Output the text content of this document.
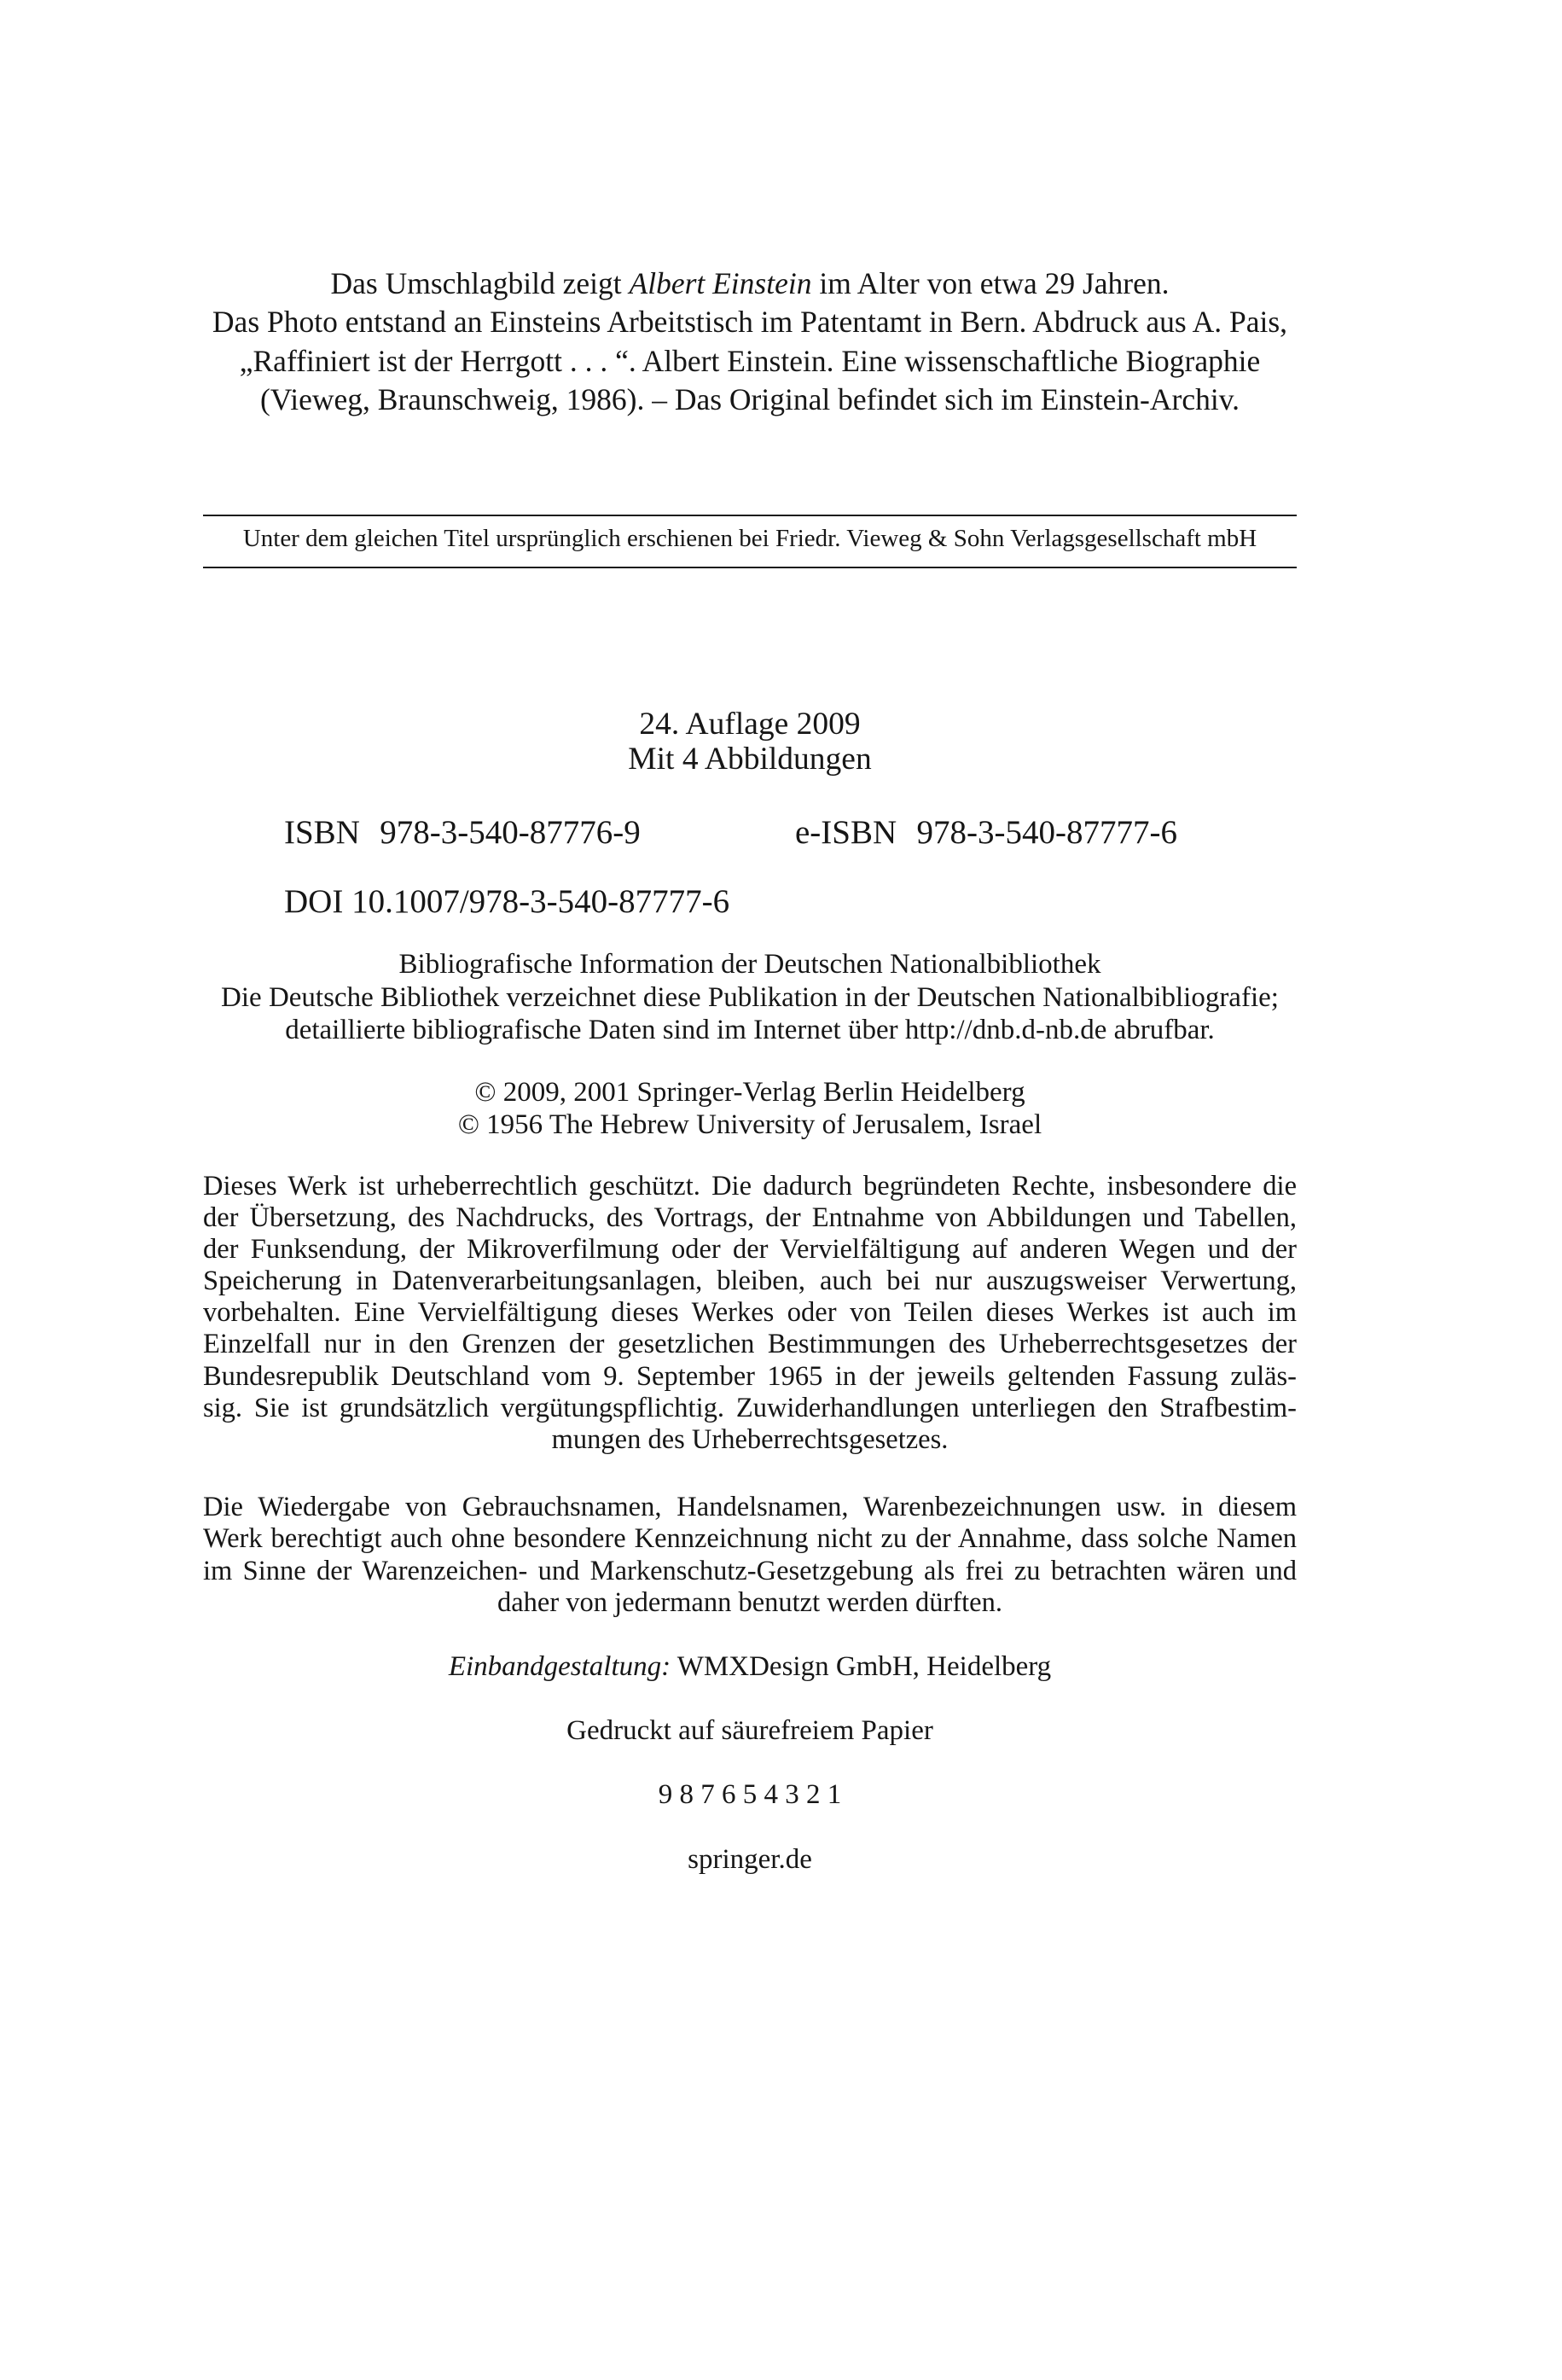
Das Umschlagbild zeigt Albert Einstein im Alter von etwa 29 Jahren.
Das Photo entstand an Einsteins Arbeitstisch im Patentamt in Bern. Abdruck aus A. Pais,
„Raffiniert ist der Herrgott . . . “. Albert Einstein. Eine wissenschaftliche Biographie
(Vieweg, Braunschweig, 1986). – Das Original befindet sich im Einstein-Archiv.
Unter dem gleichen Titel ursprünglich erschienen bei Friedr. Vieweg & Sohn Verlagsgesellschaft mbH
24. Auflage 2009
Mit 4 Abbildungen
ISBN 978-3-540-87776-9	e-ISBN 978-3-540-87777-6
DOI 10.1007/978-3-540-87777-6
Bibliografische Information der Deutschen Nationalbibliothek
Die Deutsche Bibliothek verzeichnet diese Publikation in der Deutschen Nationalbibliografie;
detaillierte bibliografische Daten sind im Internet über http://dnb.d-nb.de abrufbar.
© 2009, 2001 Springer-Verlag Berlin Heidelberg
© 1956 The Hebrew University of Jerusalem, Israel
Dieses Werk ist urheberrechtlich geschützt. Die dadurch begründeten Rechte, insbesondere die
der Übersetzung, des Nachdrucks, des Vortrags, der Entnahme von Abbildungen und Tabellen,
der Funksendung, der Mikroverfilmung oder der Vervielfältigung auf anderen Wegen und der
Speicherung in Datenverarbeitungsanlagen, bleiben, auch bei nur auszugsweiser Verwertung,
vorbehalten. Eine Vervielfältigung dieses Werkes oder von Teilen dieses Werkes ist auch im
Einzelfall nur in den Grenzen der gesetzlichen Bestimmungen des Urheberrechtsgesetzes der
Bundesrepublik Deutschland vom 9. September 1965 in der jeweils geltenden Fassung zuläs-
sig. Sie ist grundsätzlich vergütungspflichtig. Zuwiderhandlungen unterliegen den Strafbestim-
mungen des Urheberrechtsgesetzes.
Die Wiedergabe von Gebrauchsnamen, Handelsnamen, Warenbezeichnungen usw. in diesem
Werk berechtigt auch ohne besondere Kennzeichnung nicht zu der Annahme, dass solche Namen
im Sinne der Warenzeichen- und Markenschutz-Gesetzgebung als frei zu betrachten wären und
daher von jedermann benutzt werden dürften.
Einbandgestaltung: WMXDesign GmbH, Heidelberg
Gedruckt auf säurefreiem Papier
9 8 7 6 5 4 3 2 1
springer.de
